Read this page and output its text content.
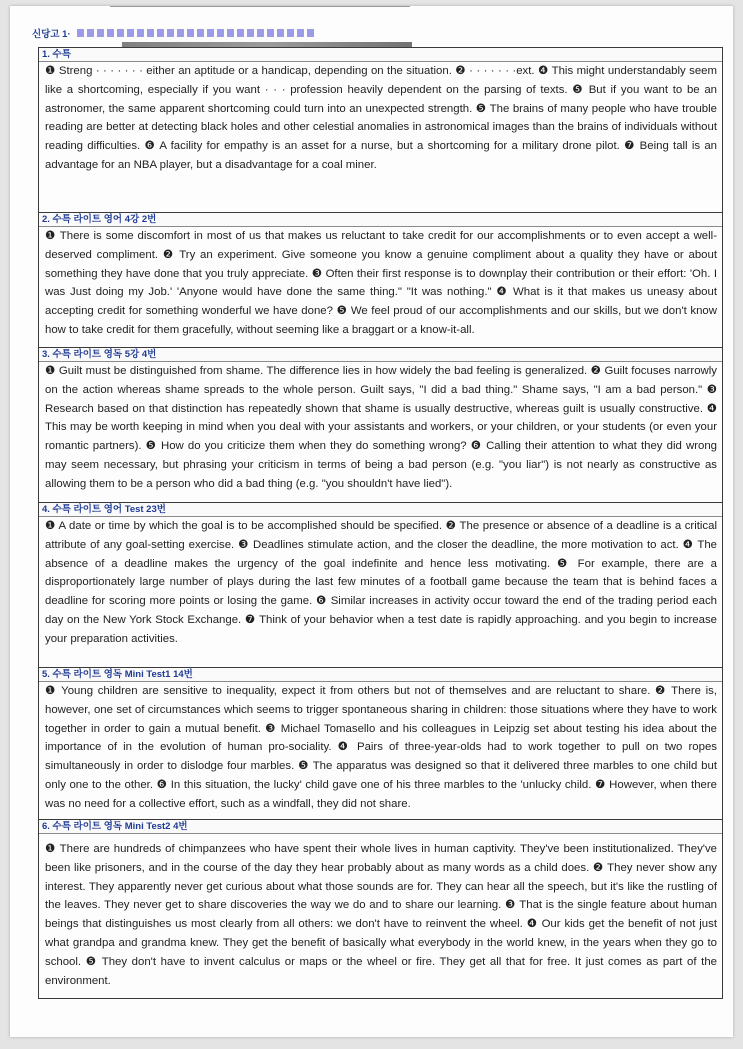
신당고 1·
1. 수특
❶ Streng · · · · · · · either an aptitude or a handicap, depending on the situation. ❷ · · · · · · ·ext. ❹ This might understandably seem like a shortcoming, especially if you want · · · profession heavily dependent on the parsing of texts. ❺ But if you want to be an astronomer, the same apparent shortcoming could turn into an unexpected strength. ❺ The brains of many people who have trouble reading are better at detecting black holes and other celestial anomalies in astronomical images than the brains of individuals without reading difficulties. ❻ A facility for empathy is an asset for a nurse, but a shortcoming for a military drone pilot. ❼ Being tall is an advantage for an NBA player, but a disadvantage for a coal miner.
2. 수특 라이트 영어 4강 2번
❶ There is some discomfort in most of us that makes us reluctant to take credit for our accomplishments or to even accept a well-deserved compliment. ❷ Try an experiment. Give someone you know a genuine compliment about a quality they have or about something they have done that you truly appreciate. ❸ Often their first response is to downplay their contribution or their effort: 'Oh. I was Just doing my Job.' 'Anyone would have done the same thing." "It was nothing." ❹ What is it that makes us uneasy about accepting credit for something wonderful we have done? ❺ We feel proud of our accomplishments and our skills, but we don't know how to take credit for them gracefully, without seeming like a braggart or a know-it-all.
3. 수특 라이트 영독 5강 4번
❶ Guilt must be distinguished from shame. The difference lies in how widely the bad feeling is generalized. ❷ Guilt focuses narrowly on the action whereas shame spreads to the whole person. Guilt says, "I did a bad thing." Shame says, "I am a bad person." ❸ Research based on that distinction has repeatedly shown that shame is usually destructive, whereas guilt is usually constructive. ❹ This may be worth keeping in mind when you deal with your assistants and workers, or your children, or your students (or even your romantic partners). ❺ How do you criticize them when they do something wrong? ❻ Calling their attention to what they did wrong may seem necessary, but phrasing your criticism in terms of being a bad person (e.g. "you liar") is not nearly as constructive as allowing them to be a person who did a bad thing (e.g. "you shouldn't have lied").
4. 수특 라이트 영어 Test 23번
❶ A date or time by which the goal is to be accomplished should be specified. ❷ The presence or absence of a deadline is a critical attribute of any goal-setting exercise. ❸ Deadlines stimulate action, and the closer the deadline, the more motivation to act. ❹ The absence of a deadline makes the urgency of the goal indefinite and hence less motivating. ❺ For example, there are a disproportionately large number of plays during the last few minutes of a football game because the team that is behind faces a deadline for scoring more points or losing the game. ❻ Similar increases in activity occur toward the end of the trading period each day on the New York Stock Exchange. ❼ Think of your behavior when a test date is rapidly approaching. and you begin to increase your preparation activities.
5. 수특 라이트 영독 Mini Test1 14번
❶ Young children are sensitive to inequality, expect it from others but not of themselves and are reluctant to share. ❷ There is, however, one set of circumstances which seems to trigger spontaneous sharing in children: those situations where they have to work together in order to gain a mutual benefit. ❸ Michael Tomasello and his colleagues in Leipzig set about testing his idea about the importance of in the evolution of human pro-sociality. ❹ Pairs of three-year-olds had to work together to pull on two ropes simultaneously in order to dislodge four marbles. ❺ The apparatus was designed so that it delivered three marbles to one child but only one to the other. ❻ In this situation, the lucky' child gave one of his three marbles to the 'unlucky child. ❼ However, when there was no need for a collective effort, such as a windfall, they did not share.
6. 수특 라이트 영독 Mini Test2 4번
❶ There are hundreds of chimpanzees who have spent their whole lives in human captivity. They've been institutionalized. They've been like prisoners, and in the course of the day they hear probably about as many words as a child does. ❷ They never show any interest. They apparently never get curious about what those sounds are for. They can hear all the speech, but it's like the rustling of the leaves. They never get to share discoveries the way we do and to share our learning. ❸ That is the single feature about human beings that distinguishes us most clearly from all others: we don't have to reinvent the wheel. ❹ Our kids get the benefit of not just what grandpa and grandma knew. They get the benefit of basically what everybody in the world knew, in the years when they go to school. ❺ They don't have to invent calculus or maps or the wheel or fire. They get all that for free. It just comes as part of the environment.
